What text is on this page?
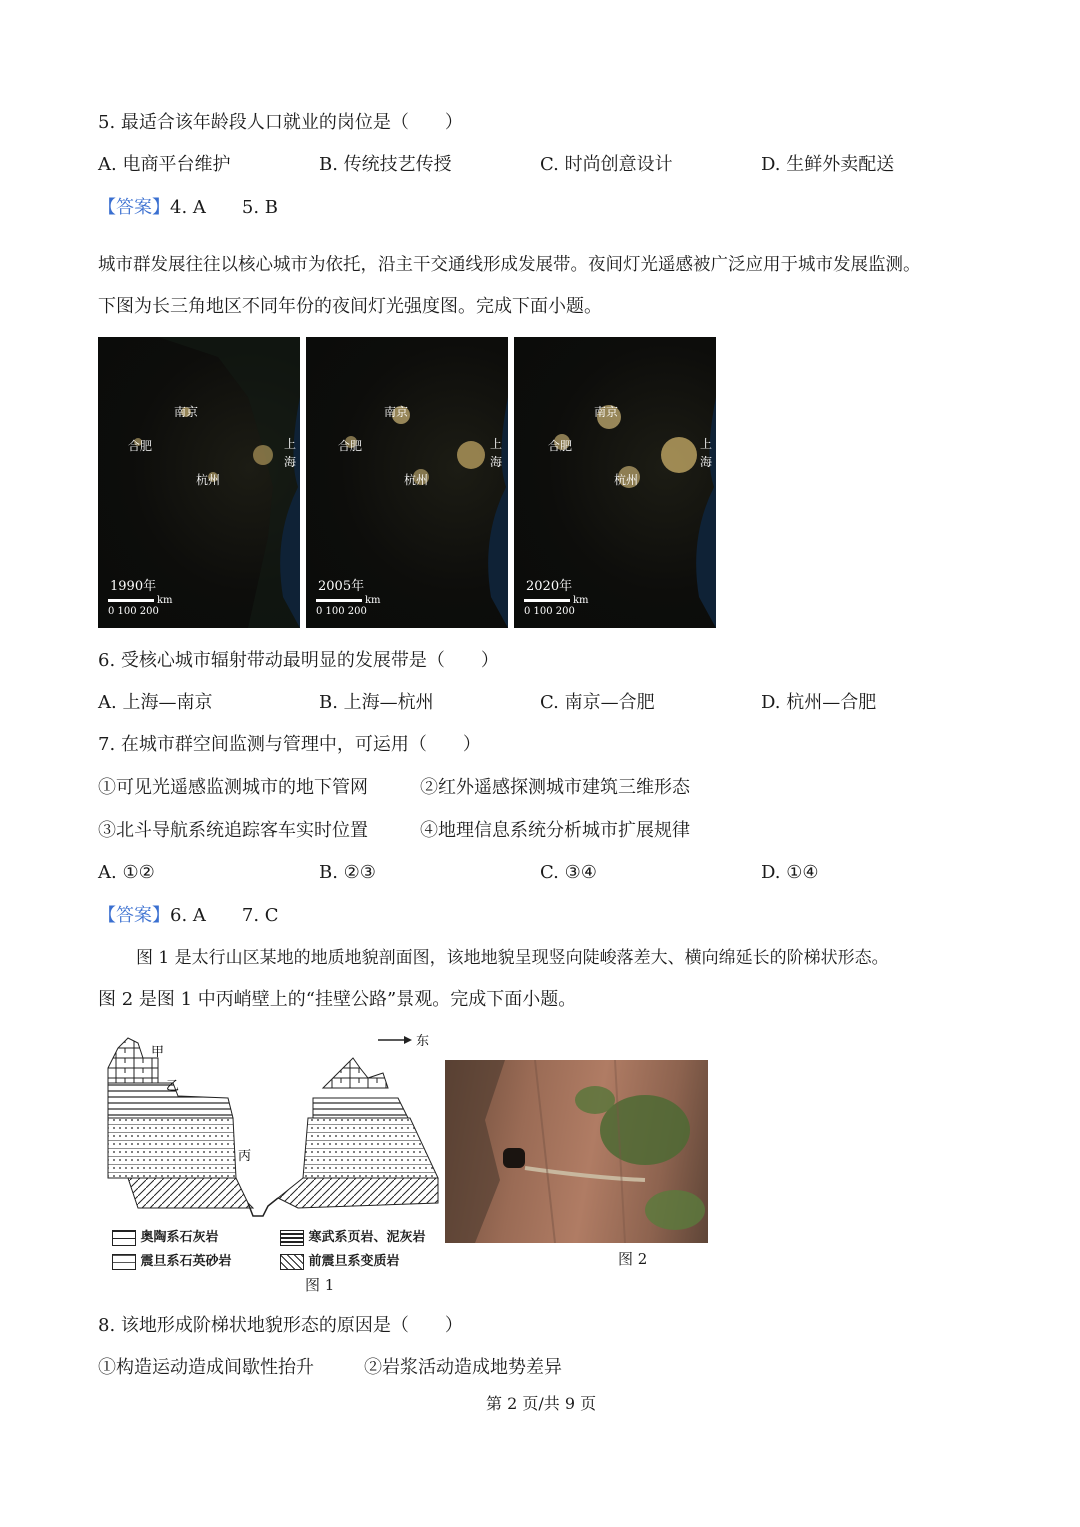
5. 最适合该年龄段人口就业的岗位是（　　）
A. 电商平台维护	B. 传统技艺传授	C. 时尚创意设计	D. 生鲜外卖配送
【答案】4. A　　5. B
城市群发展往往以核心城市为依托，沿主干交通线形成发展带。夜间灯光遥感被广泛应用于城市发展监测。
下图为长三角地区不同年份的夜间灯光强度图。完成下面小题。
南京
合肥
杭州
上
海
1990年
km
0 100 200
南京
合肥
杭州
上
海
2005年
km
0 100 200
南京
合肥
杭州
上
海
2020年
km
0 100 200
6. 受核心城市辐射带动最明显的发展带是（　　）
A. 上海—南京	B. 上海—杭州	C. 南京—合肥	D. 杭州—合肥
7. 在城市群空间监测与管理中，可运用（　　）
①可见光遥感监测城市的地下管网	②红外遥感探测城市建筑三维形态
③北斗导航系统追踪客车实时位置	④地理信息系统分析城市扩展规律
A. ①②	B. ②③	C. ③④	D. ①④
【答案】6. A　　7. C
图 1 是太行山区某地的地质地貌剖面图，该地地貌呈现竖向陡峻落差大、横向绵延长的阶梯状形态。
图 2 是图 1 中丙峭壁上的“挂壁公路”景观。完成下面小题。
东
甲
乙
丙
奥陶系石灰岩	寒武系页岩、泥灰岩
震旦系石英砂岩	前震旦系变质岩
图 1
图 2
8. 该地形成阶梯状地貌形态的原因是（　　）
①构造运动造成间歇性抬升	②岩浆活动造成地势差异
第 2 页/共 9 页
